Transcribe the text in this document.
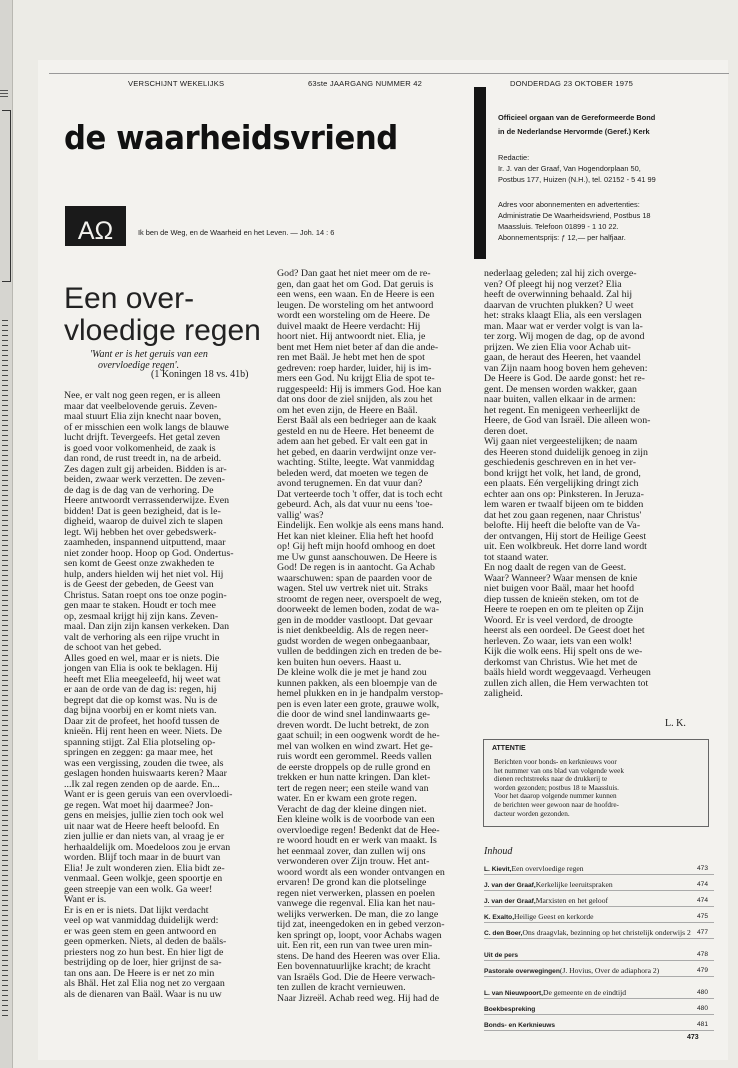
VERSCHIJNT WEKELIJKS	63ste JAARGANG NUMMER 42	DONDERDAG 23 OKTOBER 1975
de waarheidsvriend
AΩ	Ik ben de Weg, en de Waarheid en het Leven. — Joh. 14 : 6
Officieel orgaan van de Gereformeerde Bond
in de Nederlandse Hervormde (Geref.) Kerk
Redactie:
Ir. J. van der Graaf, Van Hogendorplaan 50,
Postbus 177, Huizen (N.H.), tel. 02152 - 5 41 99
Adres voor abonnementen en advertenties:
Administratie De Waarheidsvriend, Postbus 18
Maassluis. Telefoon 01899 - 1 10 22.
Abonnementsprijs: ƒ 12,— per halfjaar.
Een over-
vloedige regen
'Want er is het geruis van een
overvloedige regen'.
(1 Koningen 18 vs. 41b)
Nee, er valt nog geen regen, er is alleen
maar dat veelbelovende geruis. Zeven-
maal stuurt Elia zijn knecht naar boven,
of er misschien een wolk langs de blauwe
lucht drijft. Tevergeefs. Het getal zeven
is goed voor volkomenheid, de zaak is
dan rond, de rust treedt in, na de arbeid.
Zes dagen zult gij arbeiden. Bidden is ar-
beiden, zwaar werk verzetten. De zeven-
de dag is de dag van de verhoring. De
Heere antwoordt verrassenderwijze. Even
bidden! Dat is geen bezigheid, dat is le-
digheid, waarop de duivel zich te slapen
legt. Wij hebben het over gebedswerk-
zaamheden, inspannend uitputtend, maar
niet zonder hoop. Hoop op God. Ondertus-
sen komt de Geest onze zwakheden te
hulp, anders hielden wij het niet vol. Hij
is de Geest der gebeden, de Geest van
Christus. Satan roept ons toe onze pogin-
gen maar te staken. Houdt er toch mee
op, zesmaal krijgt hij zijn kans. Zeven-
maal. Dan zijn zijn kansen verkeken. Dan
valt de verhoring als een rijpe vrucht in
de schoot van het gebed.
Alles goed en wel, maar er is niets. Die
jongen van Elia is ook te beklagen. Hij
heeft met Elia meegeleefd, hij weet wat
er aan de orde van de dag is: regen, hij
begrept dat die op komst was. Nu is de
dag bijna voorbij en er komt niets van.
Daar zit de profeet, het hoofd tussen de
knieën. Hij rent heen en weer. Niets. De
spanning stijgt. Zal Elia plotseling op-
springen en zeggen: ga maar mee, het
was een vergissing, zouden die twee, als
geslagen honden huiswaarts keren? Maar
...Ik zal regen zenden op de aarde. En...
Want er is geen geruis van een overvloedi-
ge regen. Wat moet hij daarmee? Jon-
gens en meisjes, jullie zien toch ook wel
uit naar wat de Heere heeft beloofd. En
zien jullie er dan niets van, al vraag je er
herhaaldelijk om. Moedeloos zou je ervan
worden. Blijf toch maar in de buurt van
Elia! Je zult wonderen zien. Elia bidt ze-
venmaal. Geen wolkje, geen spoortje en
geen streepje van een wolk. Ga weer!
Want er is.
Er is en er is niets. Dat lijkt verdacht
veel op wat vanmiddag duidelijk werd:
er was geen stem en geen antwoord en
geen opmerken. Niets, al deden de baäls-
priesters nog zo hun best. En hier ligt de
bestrijding op de loer, hier grijnst de sa-
tan ons aan. De Heere is er net zo min
als Bhäl. Het zal Elia nog net zo vergaan
als de dienaren van Baäl. Waar is nu uw
God? Dan gaat het niet meer om de re-
gen, dan gaat het om God. Dat geruis is
een wens, een waan. En de Heere is een
leugen. De worsteling om het antwoord
wordt een worsteling om de Heere. De
duivel maakt de Heere verdacht: Hij
hoort niet. Hij antwoordt niet. Elia, je
bent met Hem niet beter af dan die ande-
ren met Baäl. Je hebt met hen de spot
gedreven: roep harder, luider, hij is im-
mers een God. Nu krijgt Elia de spot te-
ruggespeeld: Hij is immers God. Hoe kan
dat ons door de ziel snijden, als zou het
om het even zijn, de Heere en Baäl.
Eerst Baäl als een bedrieger aan de kaak
gesteld en nu de Heere. Het beneemt de
adem aan het gebed. Er valt een gat in
het gebed, en daarin verdwijnt onze ver-
wachting. Stilte, leegte. Wat vanmiddag
beleden werd, dat moeten we tegen de
avond terugnemen. En dat vuur dan?
Dat verteerde toch 't offer, dat is toch echt
gebeurd. Ach, als dat vuur nu eens 'toe-
vallig' was?
Eindelijk. Een wolkje als eens mans hand.
Het kan niet kleiner. Elia heft het hoofd
op! Gij heft mijn hoofd omhoog en doet
me Uw gunst aanschouwen. De Heere is
God! De regen is in aantocht. Ga Achab
waarschuwen: span de paarden voor de
wagen. Stel uw vertrek niet uit. Straks
stroomt de regen neer, overspoelt de weg,
doorweekt de lemen boden, zodat de wa-
gen in de modder vastloopt. Dat gevaar
is niet denkbeeldig. Als de regen neer-
gudst worden de wegen onbegaanbaar,
vullen de beddingen zich en treden de be-
ken buiten hun oevers. Haast u.
De kleine wolk die je met je hand zou
kunnen pakken, als een bloempje van de
hemel plukken en in je handpalm verstop-
pen is even later een grote, grauwe wolk,
die door de wind snel landinwaarts ge-
dreven wordt. De lucht betrekt, de zon
gaat schuil; in een oogwenk wordt de he-
mel van wolken en wind zwart. Het ge-
ruis wordt een gerommel. Reeds vallen
de eerste droppels op de rulle grond en
trekken er hun natte kringen. Dan klet-
tert de regen neer; een steile wand van
water. En er kwam een grote regen.
Veracht de dag der kleine dingen niet.
Een kleine wolk is de voorbode van een
overvloedige regen! Bedenkt dat de Hee-
re woord houdt en er werk van maakt. Is
het eenmaal zover, dan zullen wij ons
verwonderen over Zijn trouw. Het ant-
woord wordt als een wonder ontvangen en
ervaren! De grond kan die plotselinge
regen niet verwerken, plassen en poelen
vanwege die regenval. Elia kan het nau-
welijks verwerken. De man, die zo lange
tijd zat, ineengedoken en in gebed verzon-
ken springt op, loopt, voor Achabs wagen
uit. Een rit, een run van twee uren min-
stens. De hand des Heeren was over Elia.
Een bovennatuurlijke kracht; de kracht
van Israëls God. Die de Heere verwach-
ten zullen de kracht vernieuwen.
Naar Jizreël. Achab reed weg. Hij had de
nederlaag geleden; zal hij zich overge-
ven? Of pleegt hij nog verzet? Elia
heeft de overwinning behaald. Zal hij
daarvan de vruchten plukken? U weet
het: straks klaagt Elia, als een verslagen
man. Maar wat er verder volgt is van la-
ter zorg. Wij mogen de dag, op de avond
prijzen. We zien Elia voor Achab uit-
gaan, de heraut des Heeren, het vaandel
van Zijn naam hoog boven hem geheven:
De Heere is God. De aarde gonst: het re-
gent. De mensen worden wakker, gaan
naar buiten, vallen elkaar in de armen:
het regent. En menigeen verheerlijkt de
Heere, de God van Israël. Die alleen won-
deren doet.
Wij gaan niet vergeestelijken; de naam
des Heeren stond duidelijk genoeg in zijn
geschiedenis geschreven en in het ver-
bond krijgt het volk, het land, de grond,
een plaats. Eén vergelijking dringt zich
echter aan ons op: Pinksteren. In Jeruza-
lem waren er twaalf bijeen om te bidden
dat het zou gaan regenen, naar Christus'
belofte. Hij heeft die belofte van de Va-
der ontvangen, Hij stort de Heilige Geest
uit. Een wolkbreuk. Het dorre land wordt
tot staand water.
En nog daalt de regen van de Geest.
Waar? Wanneer? Waar mensen de knie
niet buigen voor Baäl, maar het hoofd
diep tussen de knieën steken, om tot de
Heere te roepen en om te pleiten op Zijn
Woord. Er is veel verdord, de droogte
heerst als een oordeel. De Geest doet het
herleven. Zo waar, iets van een wolk!
Kijk die wolk eens. Hij spelt ons de we-
derkomst van Christus. Wie het met de
baäls hield wordt weggevaagd. Verheugen
zullen zich allen, die Hem verwachten tot
zaligheid.
L. K.
ATTENTIE
Berichten voor bonds- en kerknieuws voor
het nummer van ons blad van volgende week
dienen rechtstreeks naar de drukkerij te
worden gezonden; postbus 18 te Maassluis.
Voor het daarop volgende nummer kunnen
de berichten weer gewoon naar de hoofdre-
dacteur worden gezonden.
Inhoud
L. Kievit,Een overvloedige regen	473
J. van der Graaf,Kerkelijke leeruitspraken	474
J. van der Graaf,Marxisten en het geloof	474
K. Exalto,Heilige Geest en kerkorde	475
C. den Boer,Ons draagvlak, bezinning op het christelijk onderwijs 2 477
Uit de pers	478
Pastorale overwegingen(J. Hovius, Over de adiaphora 2)	479
L. van Nieuwpoort,De gemeente en de eindtijd	480
Boekbespreking	480
Bonds- en Kerknieuws	481
473
